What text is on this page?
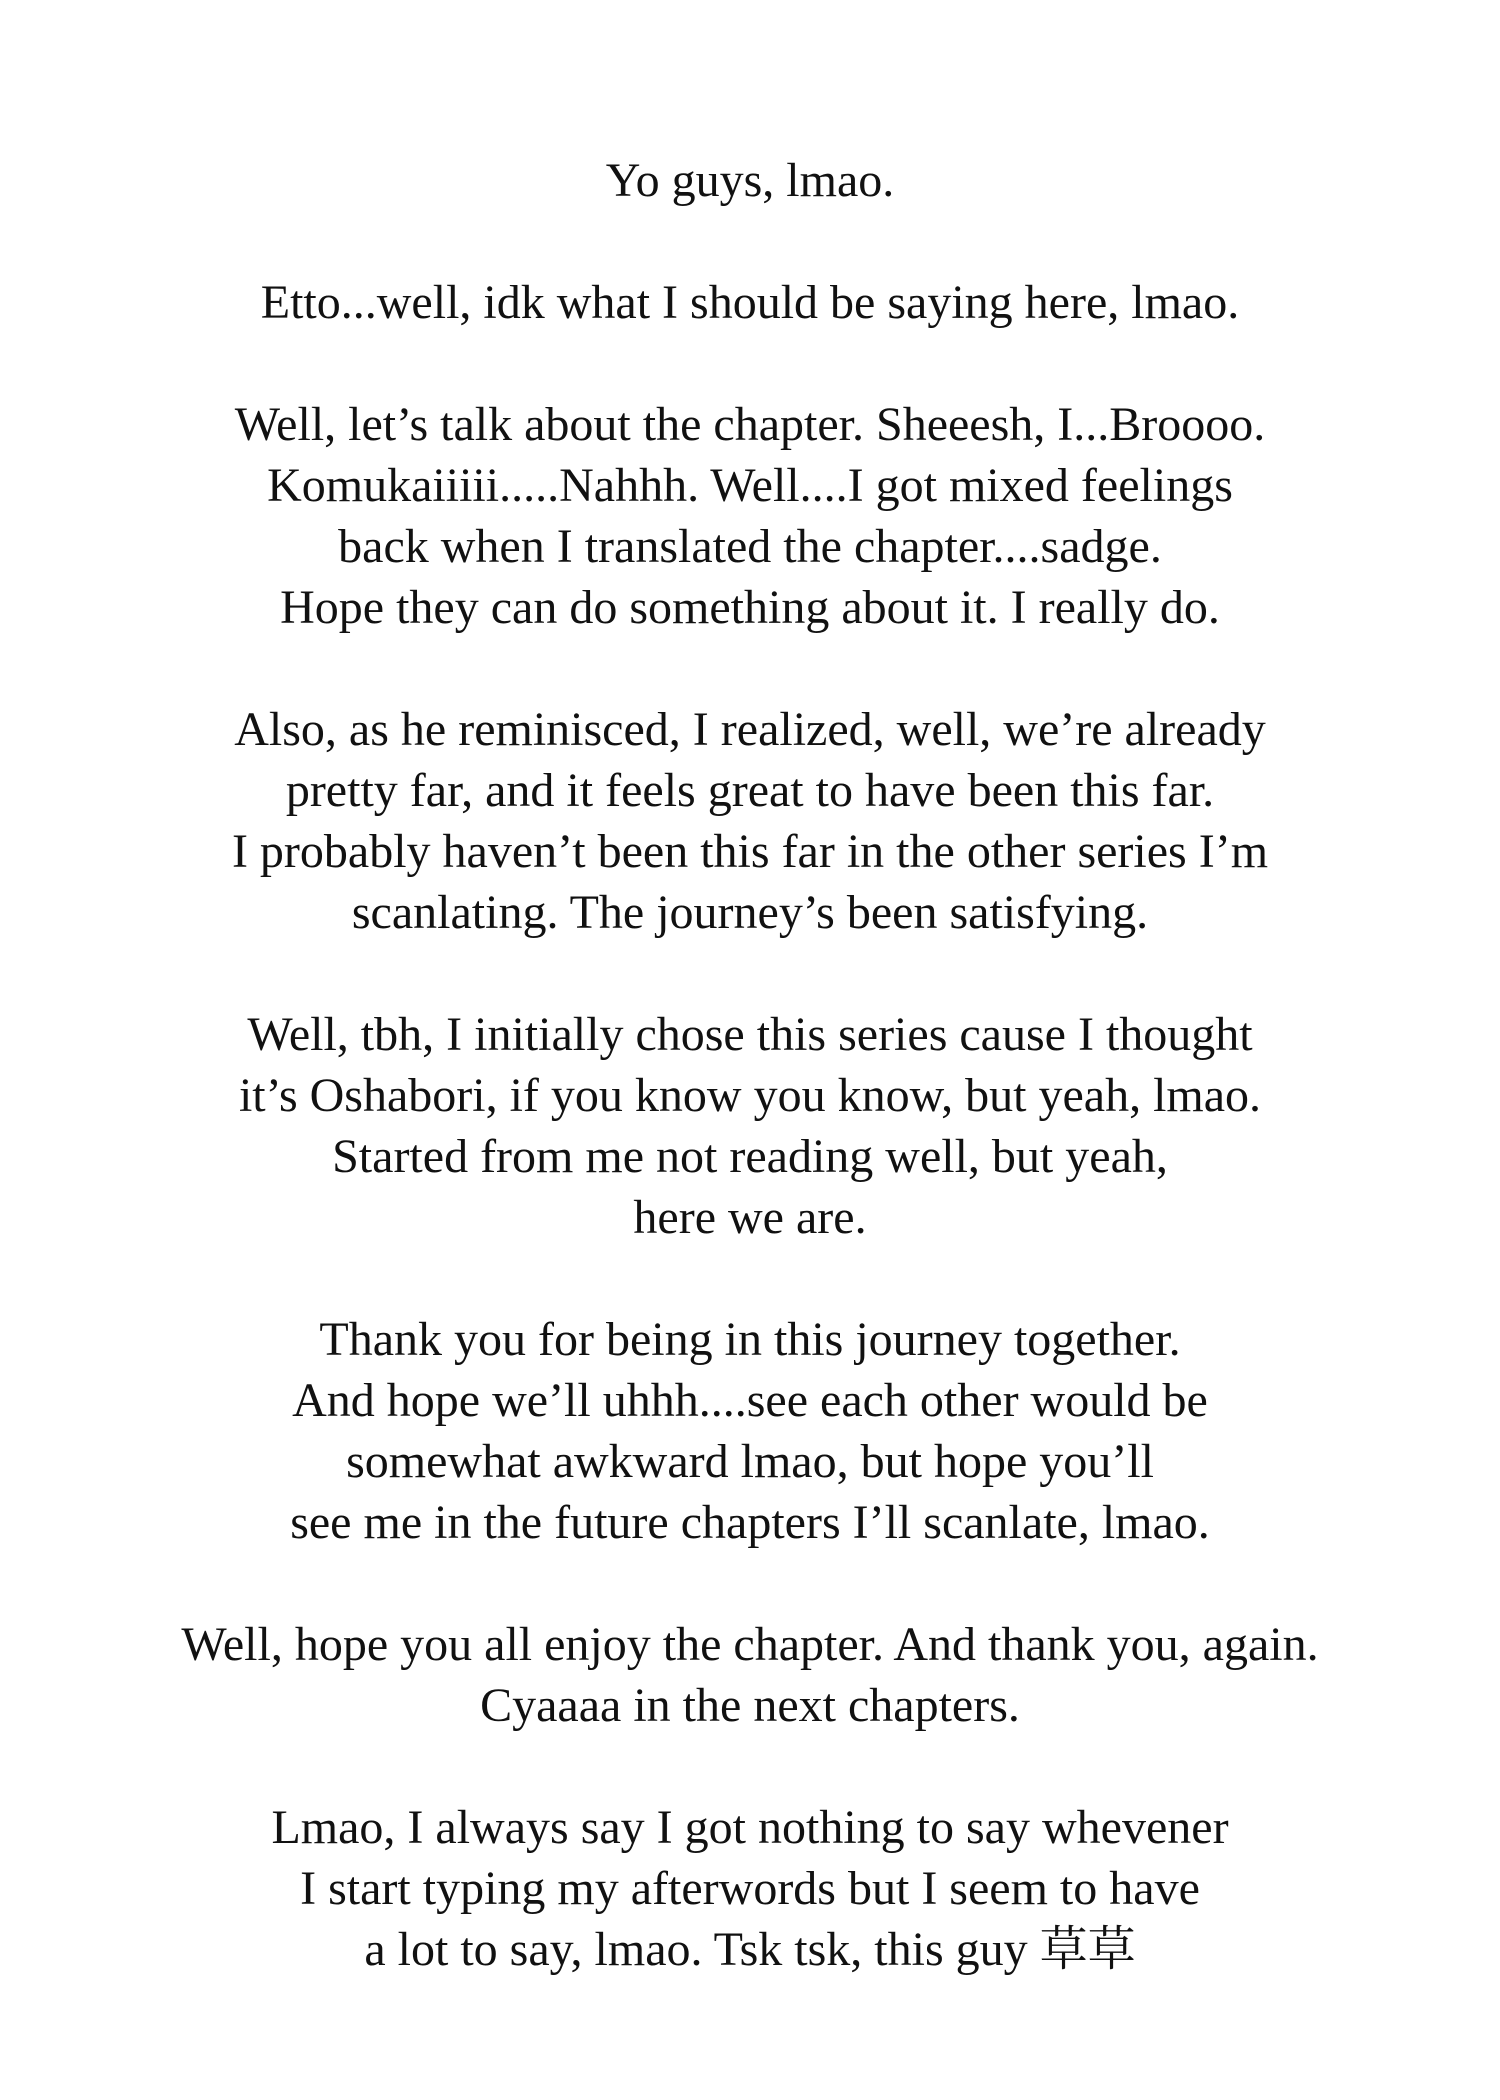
Yo guys, lmao.

Etto...well, idk what I should be saying here, lmao.

Well, let’s talk about the chapter. Sheeesh, I...Broooo.
Komukaiiiii.....Nahhh. Well....I got mixed feelings
back when I translated the chapter....sadge.
Hope they can do something about it. I really do.

Also, as he reminisced, I realized, well, we’re already
pretty far, and it feels great to have been this far.
I probably haven’t been this far in the other series I’m
scanlating. The journey’s been satisfying.

Well, tbh, I initially chose this series cause I thought
it’s Oshabori, if you know you know, but yeah, lmao.
Started from me not reading well, but yeah,
here we are.

Thank you for being in this journey together.
And hope we’ll uhhh....see each other would be
somewhat awkward lmao, but hope you’ll
see me in the future chapters I’ll scanlate, lmao.

Well, hope you all enjoy the chapter. And thank you, again.
Cyaaaa in the next chapters.

Lmao, I always say I got nothing to say whevener
I start typing my afterwords but I seem to have
a lot to say, lmao. Tsk tsk, this guy 草草
